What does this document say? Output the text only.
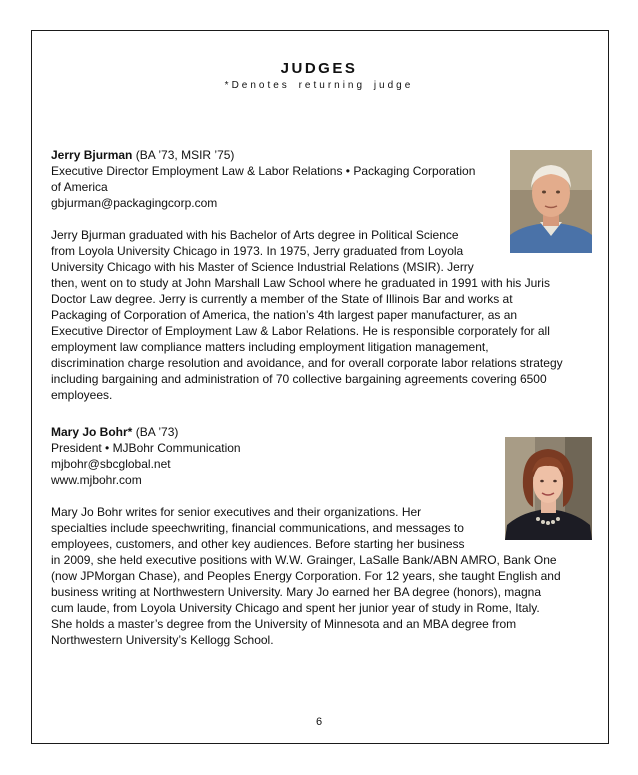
JUDGES
*Denotes returning judge
Jerry Bjurman (BA ’73, MSIR ’75)
Executive Director Employment Law & Labor Relations • Packaging Corporation
of America
gbjurman@packagingcorp.com
Jerry Bjurman graduated with his Bachelor of Arts degree in Political Science
from Loyola University Chicago in 1973. In 1975, Jerry graduated from Loyola
University Chicago with his Master of Science Industrial Relations (MSIR). Jerry
then, went on to study at John Marshall Law School where he graduated in 1991 with his Juris
Doctor Law degree. Jerry is currently a member of the State of Illinois Bar and works at
Packaging of Corporation of America, the nation’s 4th largest paper manufacturer, as an
Executive Director of Employment Law & Labor Relations. He is responsible corporately for all
employment law compliance matters including employment litigation management,
discrimination charge resolution and avoidance, and for overall corporate labor relations strategy
including bargaining and administration of 70 collective bargaining agreements covering 6500
employees.
Mary Jo Bohr* (BA ’73)
President • MJBohr Communication
mjbohr@sbcglobal.net
www.mjbohr.com
Mary Jo Bohr writes for senior executives and their organizations. Her
specialties include speechwriting, financial communications, and messages to
employees, customers, and other key audiences. Before starting her business
in 2009, she held executive positions with W.W. Grainger, LaSalle Bank/ABN AMRO, Bank One
(now JPMorgan Chase), and Peoples Energy Corporation. For 12 years, she taught English and
business writing at Northwestern University. Mary Jo earned her BA degree (honors), magna
cum laude, from Loyola University Chicago and spent her junior year of study in Rome, Italy.
She holds a master’s degree from the University of Minnesota and an MBA degree from
Northwestern University’s Kellogg School.
6
